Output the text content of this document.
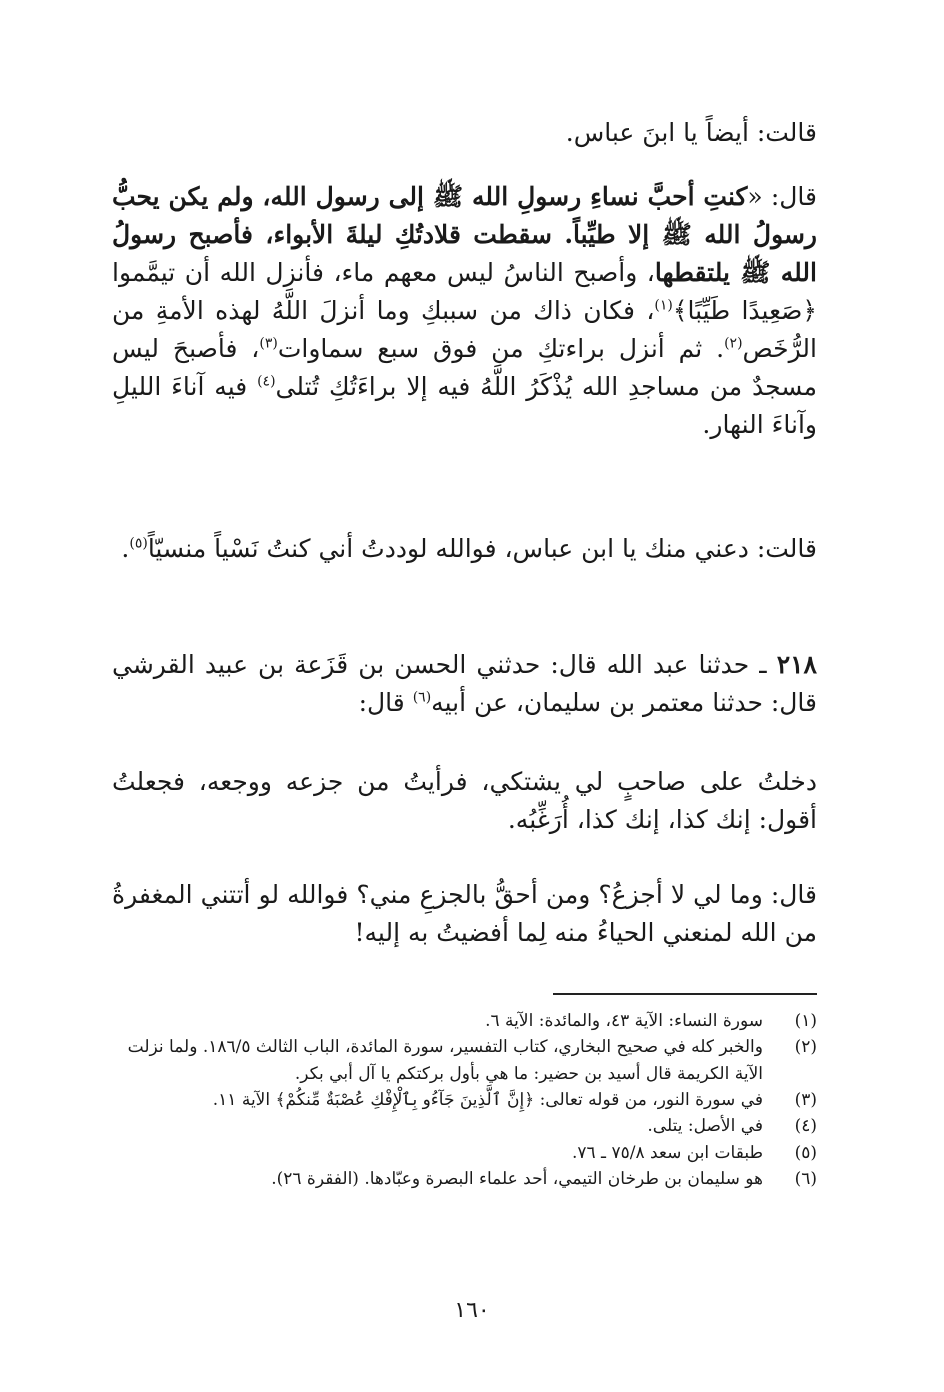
قالت: أيضاً يا ابنَ عباس.

قال: «كنتِ أحبَّ نساءِ رسولِ الله ﷺ إلى رسول الله، ولم يكن يحبُّ رسولُ الله ﷺ إلا طيِّباً. سقطت قلادتُكِ ليلةَ الأبواء، فأصبح رسولُ الله ﷺ يلتقطها، وأصبح الناسُ ليس معهم ماء، فأنزل الله أن تيمَّموا ﴿صَعِيدًا طَيِّبًا﴾$^{(١)}$، فكان ذاك من سببكِ وما أنزلَ اللَّهُ لهذه الأمةِ من الرُّخَص$^{(٢)}$. ثم أنزل براءتكِ من فوق سبع سماوات$^{(٣)}$، فأصبحَ ليس مسجدٌ من مساجدِ الله يُذْكَرُ اللَّهُ فيه إلا براءَتُكِ تُتلى$^{(٤)}$ فيه آناءَ الليلِ وآناءَ النهار.

قالت: دعني منك يا ابن عباس، فوالله لوددتُ أني كنتُ نَسْياً منسيّاً$^{(٥)}$.

٢١٨ ـ حدثنا عبد الله قال: حدثني الحسن بن قَزَعة بن عبيد القرشي قال: حدثنا معتمر بن سليمان، عن أبيه$^{(٦)}$ قال:

دخلتُ على صاحبٍ لي يشتكي، فرأيتُ من جزعه ووجعه، فجعلتُ أقول: إنك كذا، إنك كذا، أُرَغِّبُه.

قال: وما لي لا أجزعُ؟ ومن أحقُّ بالجزعِ مني؟ فوالله لو أتتني المغفرةُ من الله لمنعني الحياءُ منه لِما أفضيتُ به إليه!

(١)
سورة النساء: الآية ٤٣، والمائدة: الآية ٦.
(٢)
والخبر كله في صحيح البخاري، كتاب التفسير، سورة المائدة، الباب الثالث ١٨٦/٥. ولما نزلت الآية الكريمة قال أسيد بن حضير: ما هي بأول بركتكم يا آل أبي بكر.
(٣)
في سورة النور، من قوله تعالى: ﴿إِنَّ ٱلَّذِينَ جَآءُو بِٱلْإِفْكِ عُصْبَةٌ مِّنكُمْ﴾ الآية ١١.
(٤)
في الأصل: يتلى.
(٥)
طبقات ابن سعد ٧٥/٨ ـ ٧٦.
(٦)
هو سليمان بن طرخان التيمي، أحد علماء البصرة وعبّادها. (الفقرة ٢٦).
١٦٠
